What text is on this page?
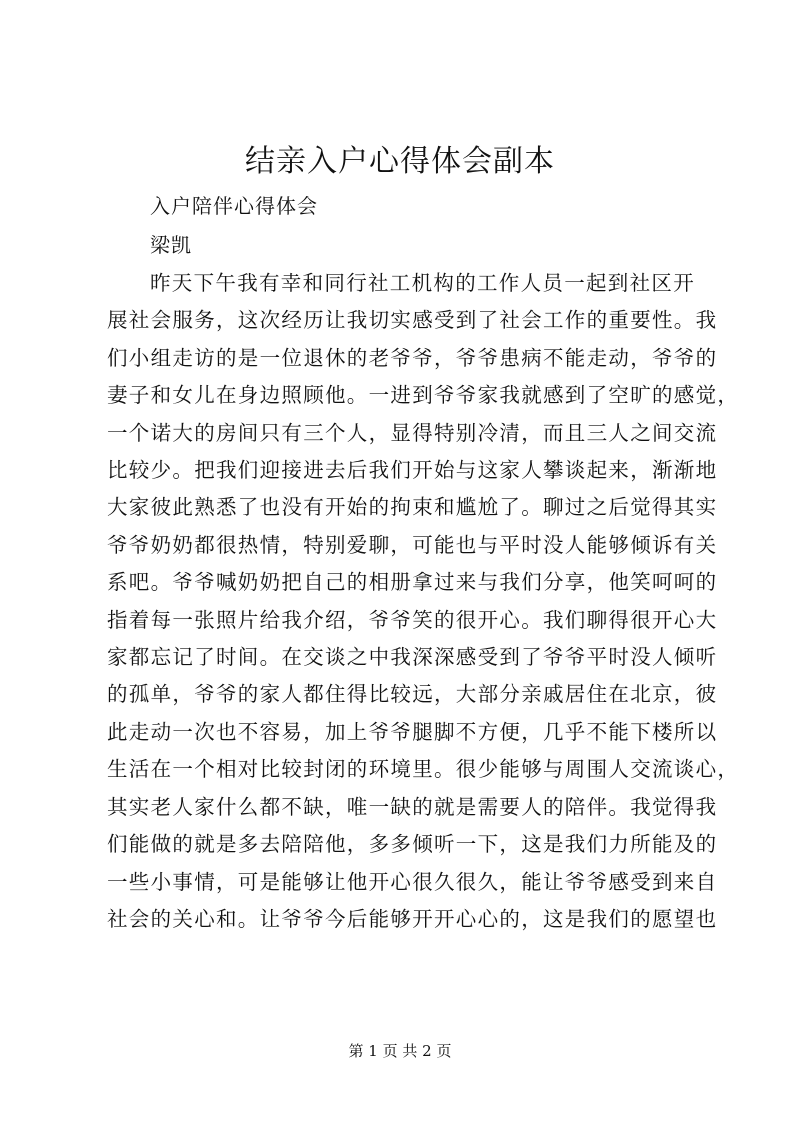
结亲入户心得体会副本

入户陪伴心得体会

梁凯

昨天下午我有幸和同行社工机构的工作人员一起到社区开
展社会服务，这次经历让我切实感受到了社会工作的重要性。我
们小组走访的是一位退休的老爷爷，爷爷患病不能走动，爷爷的
妻子和女儿在身边照顾他。一进到爷爷家我就感到了空旷的感觉，
一个诺大的房间只有三个人，显得特别冷清，而且三人之间交流
比较少。把我们迎接进去后我们开始与这家人攀谈起来，渐渐地
大家彼此熟悉了也没有开始的拘束和尴尬了。聊过之后觉得其实
爷爷奶奶都很热情，特别爱聊，可能也与平时没人能够倾诉有关
系吧。爷爷喊奶奶把自己的相册拿过来与我们分享，他笑呵呵的
指着每一张照片给我介绍，爷爷笑的很开心。我们聊得很开心大
家都忘记了时间。在交谈之中我深深感受到了爷爷平时没人倾听
的孤单，爷爷的家人都住得比较远，大部分亲戚居住在北京，彼
此走动一次也不容易，加上爷爷腿脚不方便，几乎不能下楼所以
生活在一个相对比较封闭的环境里。很少能够与周围人交流谈心，
其实老人家什么都不缺，唯一缺的就是需要人的陪伴。我觉得我
们能做的就是多去陪陪他，多多倾听一下，这是我们力所能及的
一些小事情，可是能够让他开心很久很久，能让爷爷感受到来自
社会的关心和。让爷爷今后能够开开心心的，这是我们的愿望也

第 1 页 共 2 页
